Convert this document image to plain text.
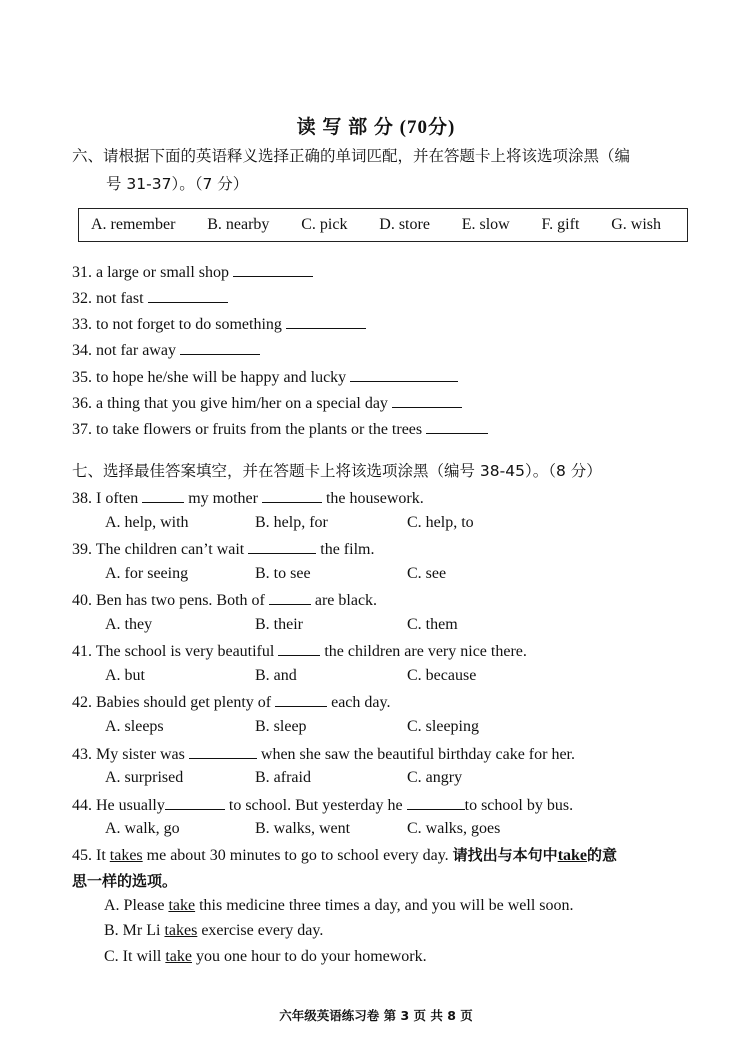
读 写 部 分 (70分)
六、请根据下面的英语释义选择正确的单词匹配，并在答题卡上将该选项涂黑（编
号 31-37）。（7 分）
A. remember B. nearby C. pick D. store E. slow F. gift G. wish
31. a large or small shop
32. not fast
33. to not forget to do something
34. not far away
35. to hope he/she will be happy and lucky
36. a thing that you give him/her on a special day
37. to take flowers or fruits from the plants or the trees
七、选择最佳答案填空，并在答题卡上将该选项涂黑（编号 38-45）。（8 分）
38. I often	my mother	the housework.
A. help, with	B. help, for	C. help, to
39. The children can’t wait	the film.
A. for seeing	B. to see	C. see
40. Ben has two pens. Both of	are black.
A. they	B. their	C. them
41. The school is very beautiful	the children are very nice there.
A. but	B. and	C. because
42. Babies should get plenty of	each day.
A. sleeps	B. sleep	C. sleeping
43. My sister was	when she saw the beautiful birthday cake for her.
A. surprised	B. afraid	C. angry
44. He usually	to school. But yesterday he	to school by bus.
A. walk, go	B. walks, went	C. walks, goes
45. It takes me about 30 minutes to go to school every day. 请找出与本句中take的意
思一样的选项。
A. Please take this medicine three times a day, and you will be well soon.
B. Mr Li takes exercise every day.
C. It will take you one hour to do your homework.
六年级英语练习卷 第 3 页 共 8 页
